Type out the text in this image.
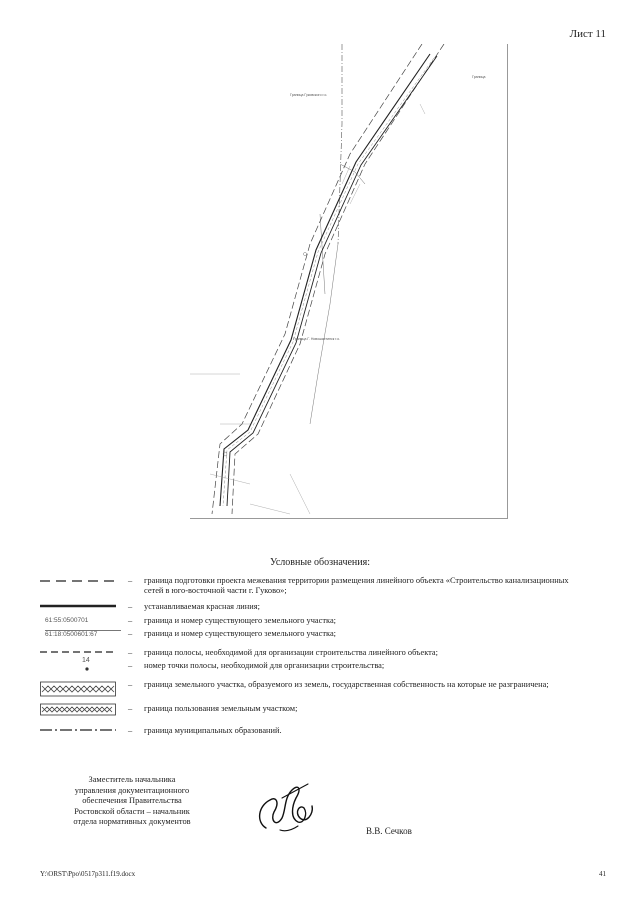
Лист 11
Граница Гуковского г.о.
Граница
Граница Г. Новошахтинск г.о.
Условные обозначения:
– граница подготовки проекта межевания территории размещения линейного объекта «Строительство канализационных сетей в юго-восточной части г. Гуково»;
– устанавливаемая красная линия;
61:55:0500701	– граница и номер существующего земельного участка;
61:18:0500601:67	– граница и номер существующего земельного участка;
– граница полосы, необходимой для организации строительства линейного объекта;
14
– номер точки полосы, необходимой для организации строительства;
– граница земельного участка, образуемого из земель, государственная собственность на которые не разграничена;
– граница пользования земельным участком;
– граница муниципальных образований.
Заместитель начальника
управления документационного
обеспечения Правительства
Ростовской области – начальник
отдела нормативных документов
В.В. Сечков
Y:\ORST\Ppo\0517p311.f19.docx	41
